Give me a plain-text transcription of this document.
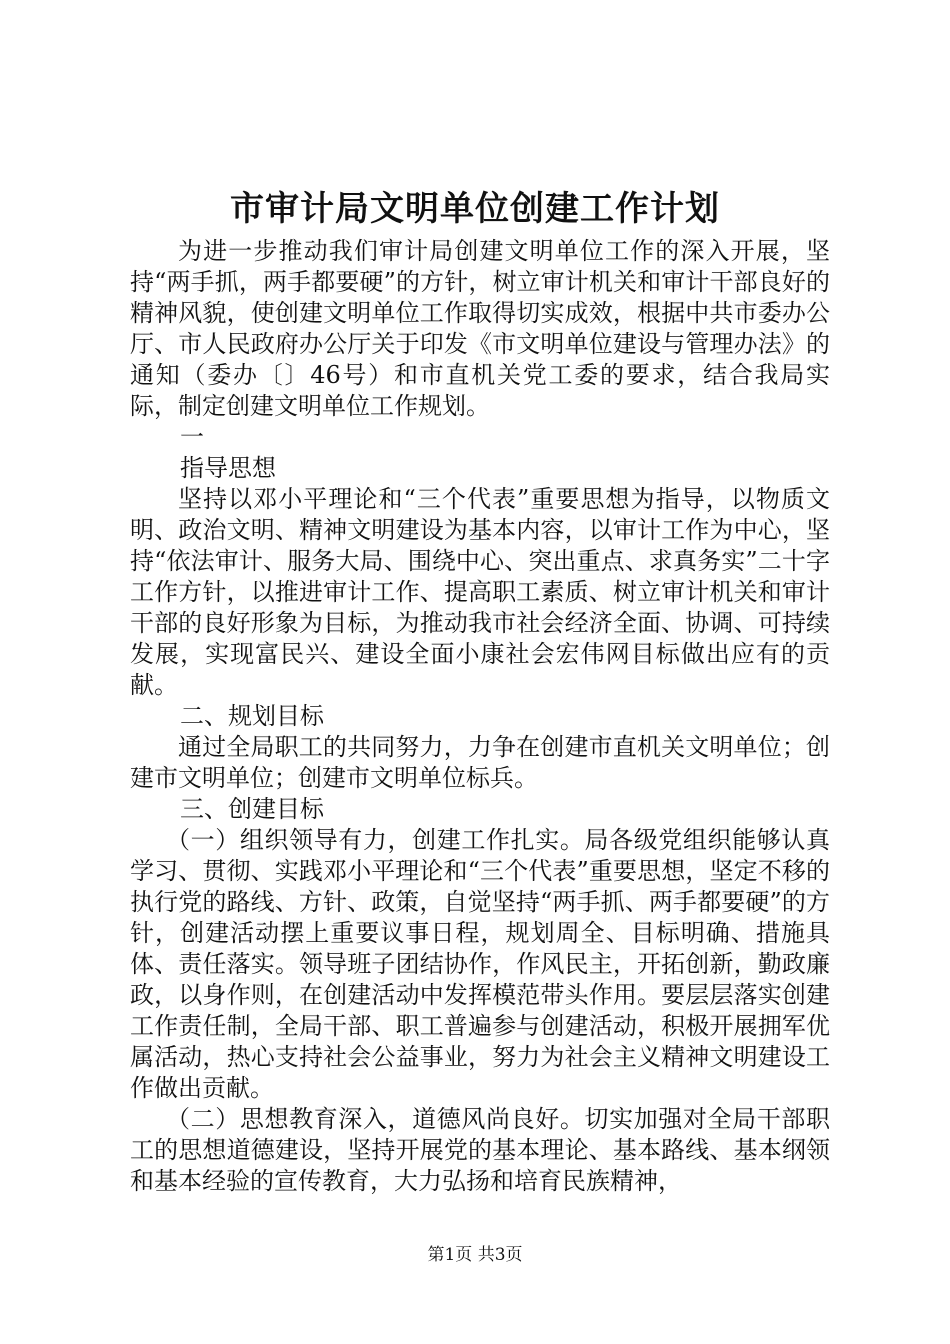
市审计局文明单位创建工作计划

为进一步推动我们审计局创建文明单位工作的深入开展，坚持“两手抓，两手都要硬”的方针，树立审计机关和审计干部良好的精神风貌，使创建文明单位工作取得切实成效，根据中共市委办公厅、市人民政府办公厅关于印发《市文明单位建设与管理办法》的通知（委办〔〕46号）和市直机关党工委的要求，结合我局实际，制定创建文明单位工作规划。

一

指导思想

坚持以邓小平理论和“三个代表”重要思想为指导，以物质文明、政治文明、精神文明建设为基本内容，以审计工作为中心，坚持“依法审计、服务大局、围绕中心、突出重点、求真务实”二十字工作方针，以推进审计工作、提高职工素质、树立审计机关和审计干部的良好形象为目标，为推动我市社会经济全面、协调、可持续发展，实现富民兴、建设全面小康社会宏伟网目标做出应有的贡献。

二、规划目标

通过全局职工的共同努力，力争在创建市直机关文明单位；创建市文明单位；创建市文明单位标兵。

三、创建目标

（一）组织领导有力，创建工作扎实。局各级党组织能够认真学习、贯彻、实践邓小平理论和“三个代表”重要思想，坚定不移的执行党的路线、方针、政策，自觉坚持“两手抓、两手都要硬”的方针，创建活动摆上重要议事日程，规划周全、目标明确、措施具体、责任落实。领导班子团结协作，作风民主，开拓创新，勤政廉政，以身作则，在创建活动中发挥模范带头作用。要层层落实创建工作责任制，全局干部、职工普遍参与创建活动，积极开展拥军优属活动，热心支持社会公益事业，努力为社会主义精神文明建设工作做出贡献。

（二）思想教育深入，道德风尚良好。切实加强对全局干部职工的思想道德建设，坚持开展党的基本理论、基本路线、基本纲领和基本经验的宣传教育，大力弘扬和培育民族精神，

第1页 共3页
